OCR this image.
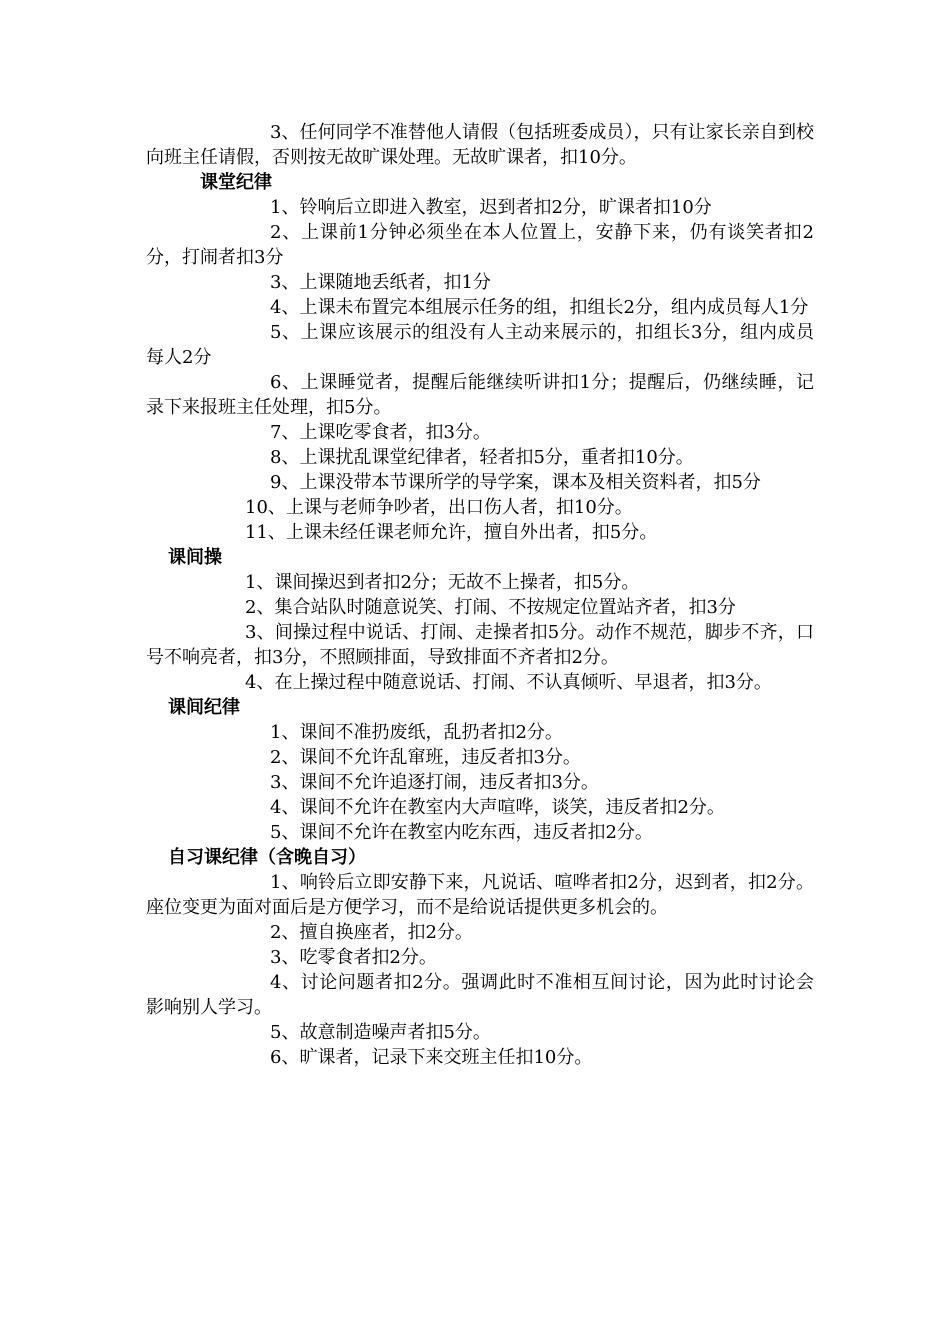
3、任何同学不准替他人请假（包括班委成员），只有让家长亲自到校向班主任请假，否则按无故旷课处理。无故旷课者，扣10分。

课堂纪律

1、铃响后立即进入教室，迟到者扣2分，旷课者扣10分

2、上课前1分钟必须坐在本人位置上，安静下来，仍有谈笑者扣2分，打闹者扣3分

3、上课随地丢纸者，扣1分

4、上课未布置完本组展示任务的组，扣组长2分，组内成员每人1分

5、上课应该展示的组没有人主动来展示的，扣组长3分，组内成员每人2分

6、上课睡觉者，提醒后能继续听讲扣1分；提醒后，仍继续睡，记录下来报班主任处理，扣5分。

7、上课吃零食者，扣3分。

8、上课扰乱课堂纪律者，轻者扣5分，重者扣10分。

9、上课没带本节课所学的导学案，课本及相关资料者，扣5分

10、上课与老师争吵者，出口伤人者，扣10分。

11、上课未经任课老师允许，擅自外出者，扣5分。

课间操

1、课间操迟到者扣2分；无故不上操者，扣5分。

2、集合站队时随意说笑、打闹、不按规定位置站齐者，扣3分

3、间操过程中说话、打闹、走操者扣5分。动作不规范，脚步不齐，口号不响亮者，扣3分，不照顾排面，导致排面不齐者扣2分。

4、在上操过程中随意说话、打闹、不认真倾听、早退者，扣3分。

课间纪律

1、课间不准扔废纸，乱扔者扣2分。

2、课间不允许乱窜班，违反者扣3分。

3、课间不允许追逐打闹，违反者扣3分。

4、课间不允许在教室内大声喧哗，谈笑，违反者扣2分。

5、课间不允许在教室内吃东西，违反者扣2分。

自习课纪律（含晚自习）

1、响铃后立即安静下来，凡说话、喧哗者扣2分，迟到者，扣2分。座位变更为面对面后是方便学习，而不是给说话提供更多机会的。

2、擅自换座者，扣2分。

3、吃零食者扣2分。

4、讨论问题者扣2分。强调此时不准相互间讨论，因为此时讨论会影响别人学习。

5、故意制造噪声者扣5分。

6、旷课者，记录下来交班主任扣10分。
